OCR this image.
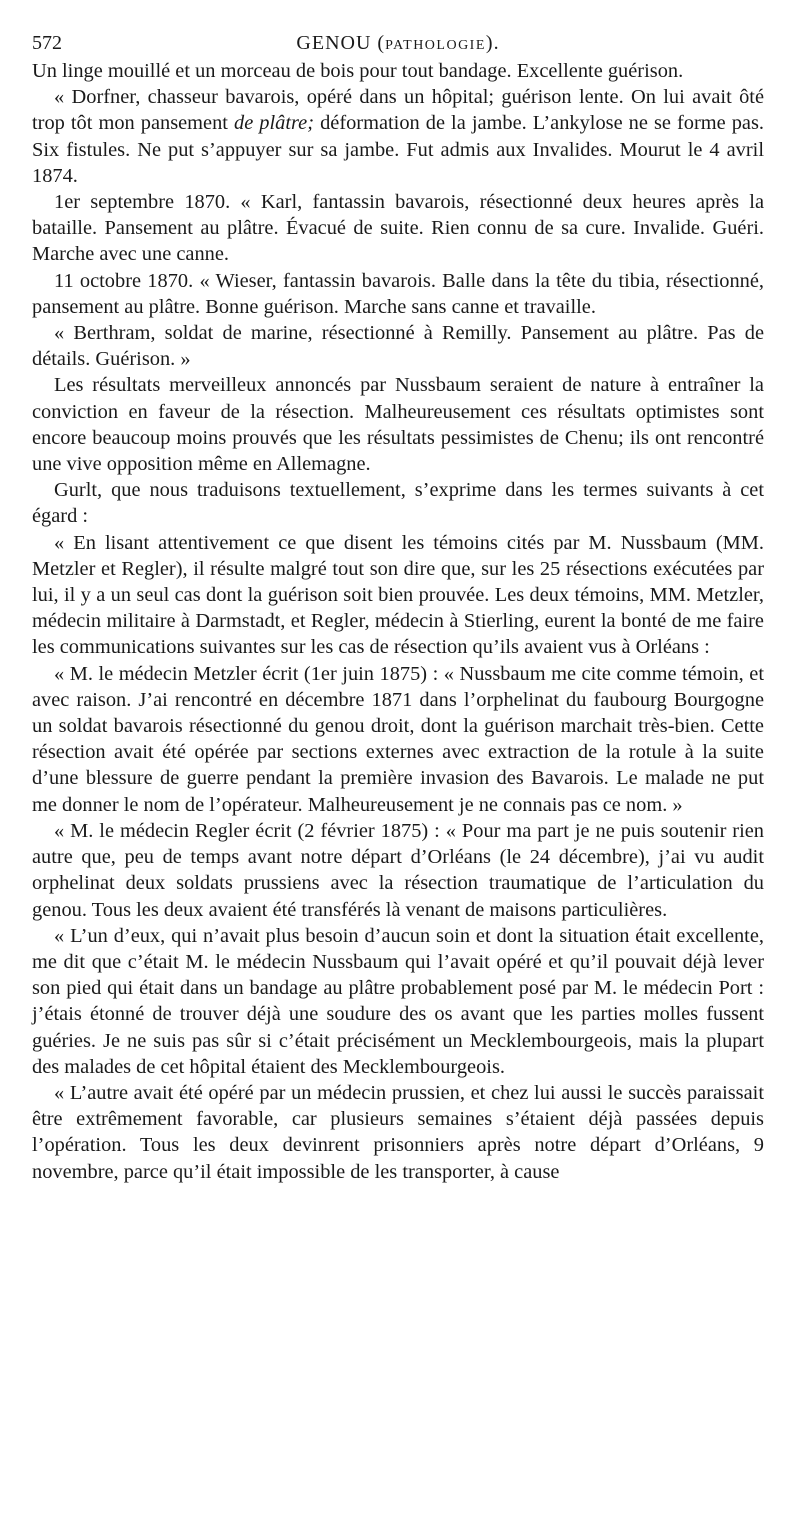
572	GENOU (PATHOLOGIE).

Un linge mouillé et un morceau de bois pour tout bandage. Excellente guérison.

« Dorfner, chasseur bavarois, opéré dans un hôpital; guérison lente. On lui avait ôté trop tôt mon pansement de plâtre; déformation de la jambe. L’ankylose ne se forme pas. Six fistules. Ne put s’appuyer sur sa jambe. Fut admis aux Invalides. Mourut le 4 avril 1874.

1er septembre 1870. « Karl, fantassin bavarois, résectionné deux heures après la bataille. Pansement au plâtre. Évacué de suite. Rien connu de sa cure. Invalide. Guéri. Marche avec une canne.

11 octobre 1870. « Wieser, fantassin bavarois. Balle dans la tête du tibia, résectionné, pansement au plâtre. Bonne guérison. Marche sans canne et travaille.

« Berthram, soldat de marine, résectionné à Remilly. Pansement au plâtre. Pas de détails. Guérison. »

Les résultats merveilleux annoncés par Nussbaum seraient de nature à entraîner la conviction en faveur de la résection. Malheureusement ces résultats optimistes sont encore beaucoup moins prouvés que les résultats pessimistes de Chenu; ils ont rencontré une vive opposition même en Allemagne.

Gurlt, que nous traduisons textuellement, s’exprime dans les termes suivants à cet égard :

« En lisant attentivement ce que disent les témoins cités par M. Nussbaum (MM. Metzler et Regler), il résulte malgré tout son dire que, sur les 25 résections exécutées par lui, il y a un seul cas dont la guérison soit bien prouvée. Les deux témoins, MM. Metzler, médecin militaire à Darmstadt, et Regler, médecin à Stierling, eurent la bonté de me faire les communications suivantes sur les cas de résection qu’ils avaient vus à Orléans :

« M. le médecin Metzler écrit (1er juin 1875) : « Nussbaum me cite comme témoin, et avec raison. J’ai rencontré en décembre 1871 dans l’orphelinat du faubourg Bourgogne un soldat bavarois résectionné du genou droit, dont la guérison marchait très-bien. Cette résection avait été opérée par sections externes avec extraction de la rotule à la suite d’une blessure de guerre pendant la première invasion des Bavarois. Le malade ne put me donner le nom de l’opérateur. Malheureusement je ne connais pas ce nom. »

« M. le médecin Regler écrit (2 février 1875) : « Pour ma part je ne puis soutenir rien autre que, peu de temps avant notre départ d’Orléans (le 24 décembre), j’ai vu audit orphelinat deux soldats prussiens avec la résection traumatique de l’articulation du genou. Tous les deux avaient été transférés là venant de maisons particulières.

« L’un d’eux, qui n’avait plus besoin d’aucun soin et dont la situation était excellente, me dit que c’était M. le médecin Nussbaum qui l’avait opéré et qu’il pouvait déjà lever son pied qui était dans un bandage au plâtre probablement posé par M. le médecin Port : j’étais étonné de trouver déjà une soudure des os avant que les parties molles fussent guéries. Je ne suis pas sûr si c’était précisément un Mecklembourgeois, mais la plupart des malades de cet hôpital étaient des Mecklembourgeois.

« L’autre avait été opéré par un médecin prussien, et chez lui aussi le succès paraissait être extrêmement favorable, car plusieurs semaines s’étaient déjà passées depuis l’opération. Tous les deux devinrent prisonniers après notre départ d’Orléans, 9 novembre, parce qu’il était impossible de les transporter, à cause
